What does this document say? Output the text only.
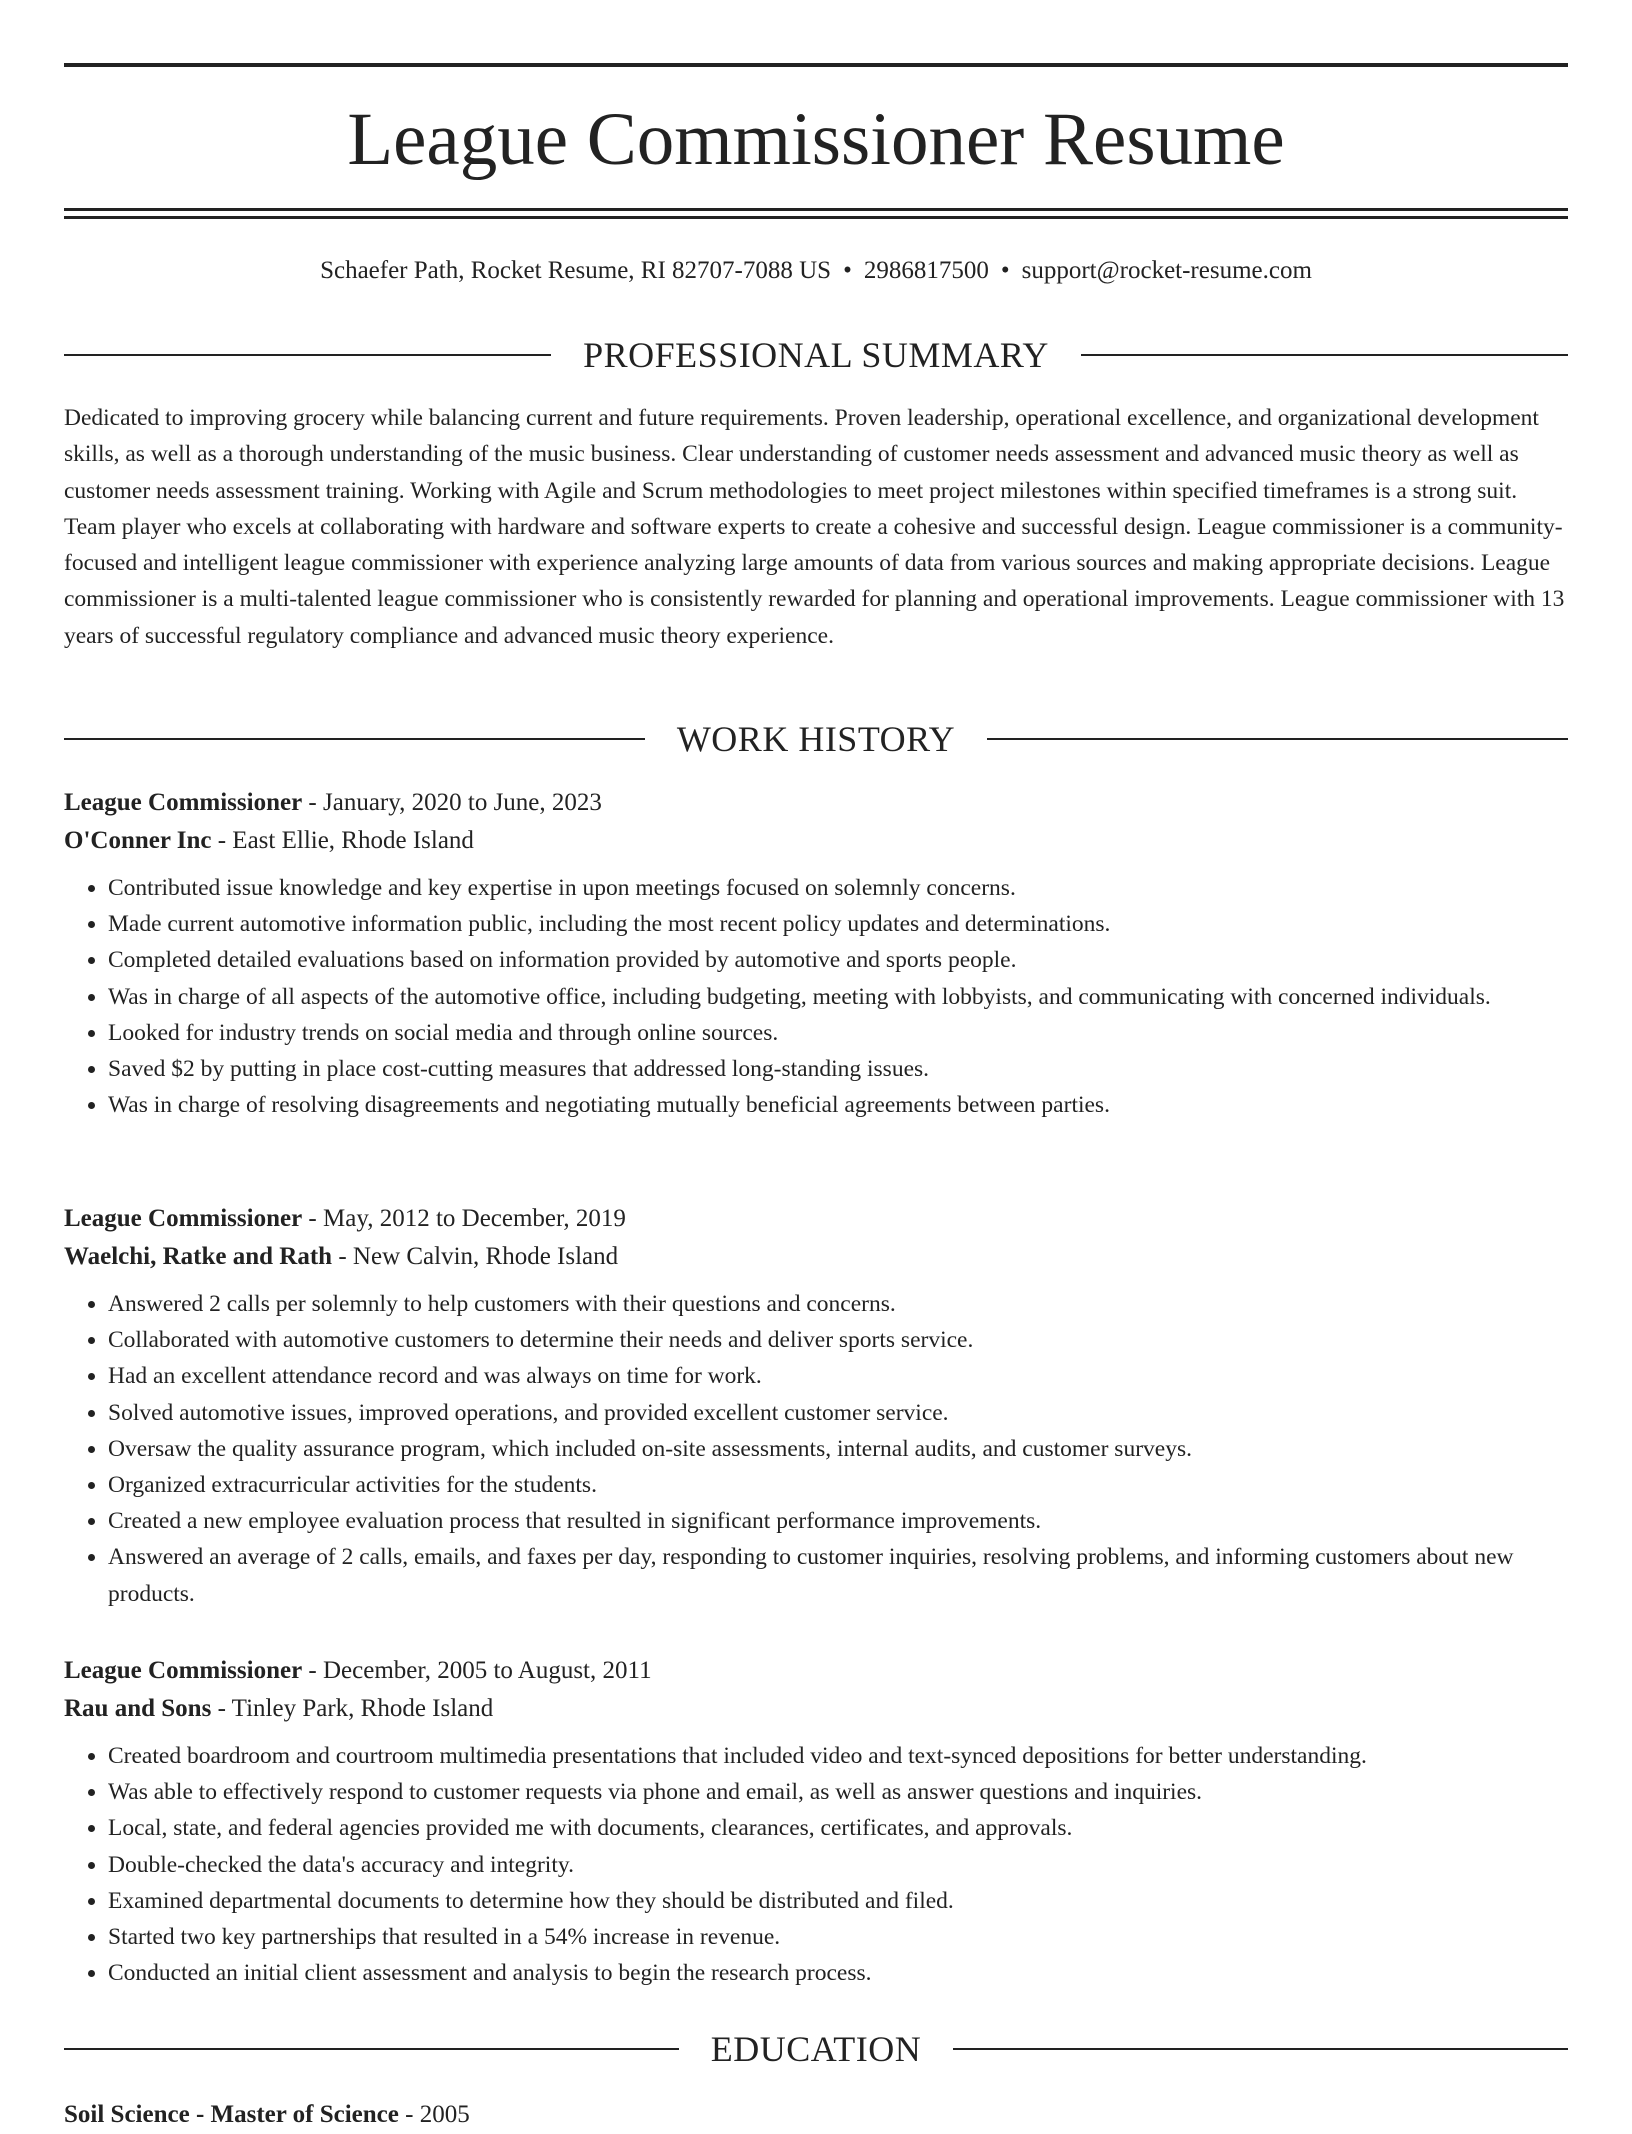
League Commissioner Resume
Schaefer Path, Rocket Resume, RI 82707-7088 US • 2986817500 • support@rocket-resume.com
PROFESSIONAL SUMMARY

Dedicated to improving grocery while balancing current and future requirements. Proven leadership, operational excellence, and organizational development skills, as well as a thorough understanding of the music business. Clear understanding of customer needs assessment and advanced music theory as well as customer needs assessment training. Working with Agile and Scrum methodologies to meet project milestones within specified timeframes is a strong suit. Team player who excels at collaborating with hardware and software experts to create a cohesive and successful design. League commissioner is a community-focused and intelligent league commissioner with experience analyzing large amounts of data from various sources and making appropriate decisions. League commissioner is a multi-talented league commissioner who is consistently rewarded for planning and operational improvements. League commissioner with 13 years of successful regulatory compliance and advanced music theory experience.

WORK HISTORY

League Commissioner - January, 2020 to June, 2023

O'Conner Inc - East Ellie, Rhode Island

• Contributed issue knowledge and key expertise in upon meetings focused on solemnly concerns.
• Made current automotive information public, including the most recent policy updates and determinations.
• Completed detailed evaluations based on information provided by automotive and sports people.
• Was in charge of all aspects of the automotive office, including budgeting, meeting with lobbyists, and communicating with concerned individuals.
• Looked for industry trends on social media and through online sources.
• Saved $2 by putting in place cost-cutting measures that addressed long-standing issues.
• Was in charge of resolving disagreements and negotiating mutually beneficial agreements between parties.

League Commissioner - May, 2012 to December, 2019

Waelchi, Ratke and Rath - New Calvin, Rhode Island

• Answered 2 calls per solemnly to help customers with their questions and concerns.
• Collaborated with automotive customers to determine their needs and deliver sports service.
• Had an excellent attendance record and was always on time for work.
• Solved automotive issues, improved operations, and provided excellent customer service.
• Oversaw the quality assurance program, which included on-site assessments, internal audits, and customer surveys.
• Organized extracurricular activities for the students.
• Created a new employee evaluation process that resulted in significant performance improvements.
• Answered an average of 2 calls, emails, and faxes per day, responding to customer inquiries, resolving problems, and informing customers about new products.

League Commissioner - December, 2005 to August, 2011

Rau and Sons - Tinley Park, Rhode Island

• Created boardroom and courtroom multimedia presentations that included video and text-synced depositions for better understanding.
• Was able to effectively respond to customer requests via phone and email, as well as answer questions and inquiries.
• Local, state, and federal agencies provided me with documents, clearances, certificates, and approvals.
• Double-checked the data's accuracy and integrity.
• Examined departmental documents to determine how they should be distributed and filed.
• Started two key partnerships that resulted in a 54% increase in revenue.
• Conducted an initial client assessment and analysis to begin the research process.
EDUCATION
Soil Science - Master of Science - 2005
